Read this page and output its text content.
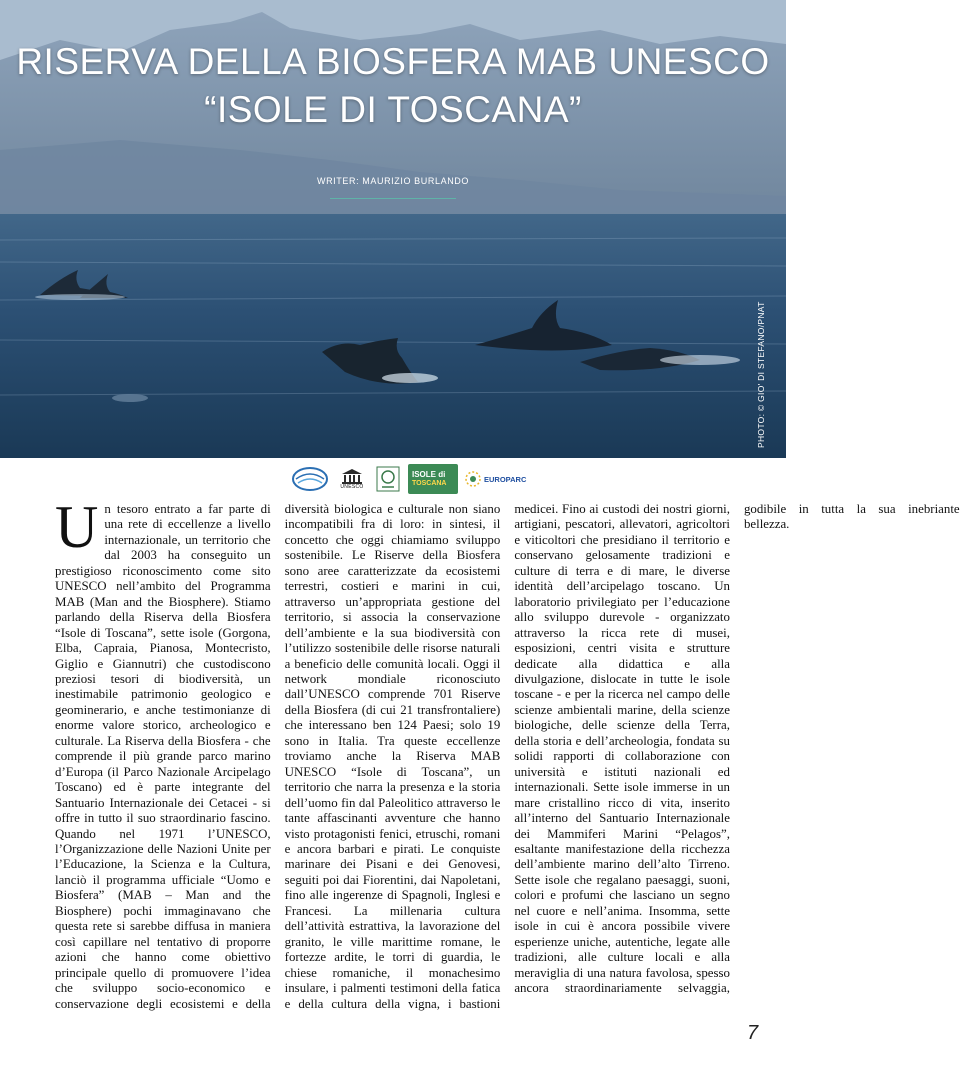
RISERVA DELLA BIOSFERA MAB UNESCO
“ISOLE DI TOSCANA”
WRITER: MAURIZIO BURLANDO
PHOTO: © GIO' DI STEFANO/PNAT
UNESCO
ISOLE di
TOSCANA	EUROPARC

Un tesoro entrato a far parte di una rete di eccellenze a livello internazionale, un territorio che dal 2003 ha conseguito un prestigioso riconoscimento come sito UNESCO nell’ambito del Programma MAB (Man and the Biosphere). Stiamo parlando della Riserva della Biosfera “Isole di Toscana”, sette isole (Gorgona, Elba, Capraia, Pianosa, Montecristo, Giglio e Giannutri) che custodiscono preziosi tesori di biodiversità, un inestimabile patrimonio geologico e geominerario, e anche testimonianze di enorme valore storico, archeologico e culturale. La Riserva della Biosfera - che comprende il più grande parco marino d’Europa (il Parco Nazionale Arcipelago Toscano) ed è parte integrante del Santuario Internazionale dei Cetacei - si offre in tutto il suo straordinario fascino. Quando nel 1971 l’UNESCO, l’Organizzazione delle Nazioni Unite per l’Educazione, la Scienza e la Cultura, lanciò il programma ufficiale “Uomo e Biosfera” (MAB – Man and the Biosphere) pochi immaginavano che questa rete si sarebbe diffusa in maniera così capillare nel tentativo di proporre azioni che hanno come obiettivo principale quello di promuovere l’idea che sviluppo socio-economico e conservazione degli ecosistemi e della diversità biologica e culturale non siano incompatibili fra di loro: in sintesi, il concetto che oggi chiamiamo sviluppo sostenibile. Le Riserve della Biosfera sono aree caratterizzate da ecosistemi terrestri, costieri e marini in cui, attraverso un’appropriata gestione del territorio, si associa la conservazione dell’ambiente e la sua biodiversità con l’utilizzo sostenibile delle risorse naturali a beneficio delle comunità locali. Oggi il network mondiale riconosciuto dall’UNESCO comprende 701 Riserve della Biosfera (di cui 21 transfrontaliere) che interessano ben 124 Paesi; solo 19 sono in Italia. Tra queste eccellenze troviamo anche la Riserva MAB UNESCO “Isole di Toscana”, un territorio che narra la presenza e la storia dell’uomo fin dal Paleolitico attraverso le tante affascinanti avventure che hanno visto protagonisti fenici, etruschi, romani e ancora barbari e pirati. Le conquiste marinare dei Pisani e dei Genovesi, seguiti poi dai Fiorentini, dai Napoletani, fino alle ingerenze di Spagnoli, Inglesi e Francesi. La millenaria cultura dell’attività estrattiva, la lavorazione del granito, le ville marittime romane, le fortezze ardite, le torri di guardia, le chiese romaniche, il monachesimo insulare, i palmenti testimoni della fatica e della cultura della vigna, i bastioni medicei. Fino ai custodi dei nostri giorni, artigiani, pescatori, allevatori, agricoltori e viticoltori che presidiano il territorio e conservano gelosamente tradizioni e culture di terra e di mare, le diverse identità dell’arcipelago toscano. Un laboratorio privilegiato per l’educazione allo sviluppo durevole - organizzato attraverso la ricca rete di musei, esposizioni, centri visita e strutture dedicate alla didattica e alla divulgazione, dislocate in tutte le isole toscane - e per la ricerca nel campo delle scienze ambientali marine, della scienze biologiche, delle scienze della Terra, della storia e dell’archeologia, fondata su solidi rapporti di collaborazione con università e istituti nazionali ed internazionali. Sette isole immerse in un mare cristallino ricco di vita, inserito all’interno del Santuario Internazionale dei Mammiferi Marini “Pelagos”, esaltante manifestazione della ricchezza dell’ambiente marino dell’alto Tirreno. Sette isole che regalano paesaggi, suoni, colori e profumi che lasciano un segno nel cuore e nell’anima. Insomma, sette isole in cui è ancora possibile vivere esperienze uniche, autentiche, legate alle tradizioni, alle culture locali e alla meraviglia di una natura favolosa, spesso ancora straordinariamente selvaggia, godibile in tutta la sua inebriante bellezza.

7
